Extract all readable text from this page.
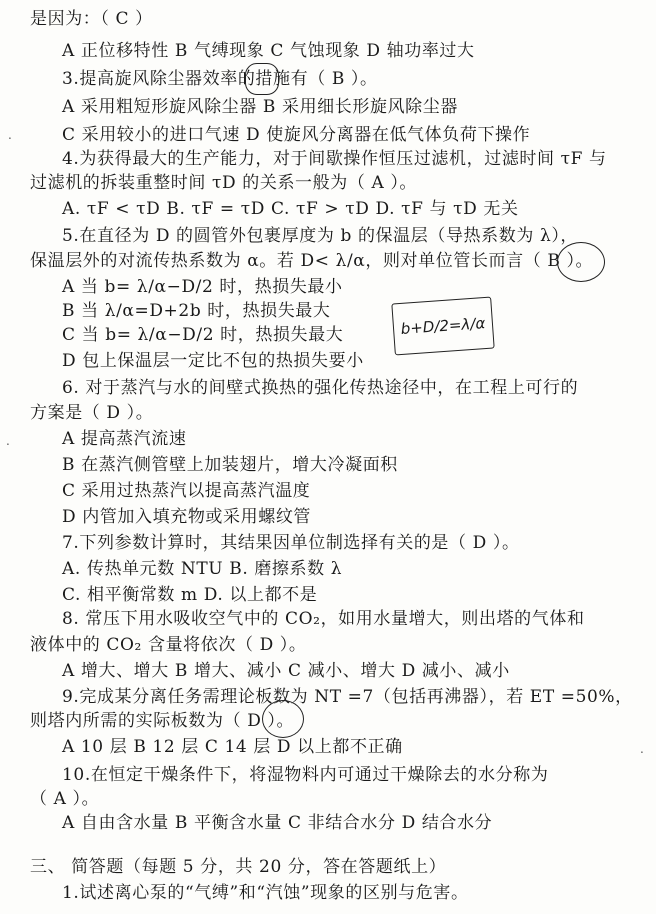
是因为：（ C ）
A 正位移特性 B 气缚现象 C 气蚀现象 D 轴功率过大
3.提高旋风除尘器效率的措施有（ B ）。
A 采用粗短形旋风除尘器 B 采用细长形旋风除尘器
C 采用较小的进口气速 D 使旋风分离器在低气体负荷下操作
4.为获得最大的生产能力，对于间歇操作恒压过滤机，过滤时间 τF 与
过滤机的拆装重整时间 τD 的关系一般为（ A ）。
A. τF < τD B. τF = τD C. τF > τD D. τF 与 τD 无关
5.在直径为 D 的圆管外包裹厚度为 b 的保温层（导热系数为 λ），
保温层外的对流传热系数为 α。若 D< λ/α，则对单位管长而言（ B ）。
A 当 b= λ/α−D/2 时，热损失最小
B 当 λ/α=D+2b 时，热损失最大
C 当 b= λ/α−D/2 时，热损失最大
D 包上保温层一定比不包的热损失要小
6. 对于蒸汽与水的间壁式换热的强化传热途径中，在工程上可行的
方案是（ D ）。
A 提高蒸汽流速
B 在蒸汽侧管壁上加装翅片，增大冷凝面积
C 采用过热蒸汽以提高蒸汽温度
D 内管加入填充物或采用螺纹管
7.下列参数计算时，其结果因单位制选择有关的是（ D ）。
A. 传热单元数 NTU B. 磨擦系数 λ
C. 相平衡常数 m D. 以上都不是
8. 常压下用水吸收空气中的 CO₂，如用水量增大，则出塔的气体和
液体中的 CO₂ 含量将依次（ D ）。
A 增大、增大 B 增大、减小 C 减小、增大 D 减小、减小
9.完成某分离任务需理论板数为 NT =7（包括再沸器），若 ET =50%，
则塔内所需的实际板数为（ D ）。
A 10 层 B 12 层 C 14 层 D 以上都不正确
10.在恒定干燥条件下，将湿物料内可通过干燥除去的水分称为
（ A ）。
A 自由含水量 B 平衡含水量 C 非结合水分 D 结合水分
三、 简答题（每题 5 分，共 20 分，答在答题纸上）
1.试述离心泵的“气缚”和“汽蚀”现象的区别与危害。
b+D/2=λ/α
.
.
.
